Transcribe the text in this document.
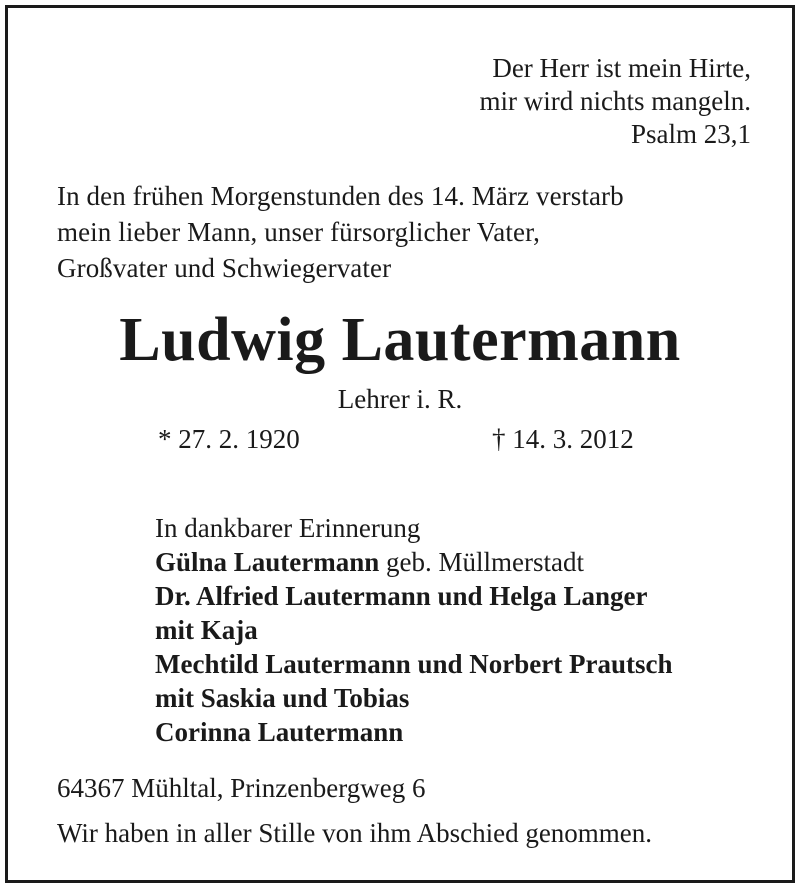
Der Herr ist mein Hirte,
mir wird nichts mangeln.
Psalm 23,1
In den frühen Morgenstunden des 14. März verstarb
mein lieber Mann, unser fürsorglicher Vater,
Großvater und Schwiegervater
Ludwig Lautermann
Lehrer i. R.
* 27. 2. 1920	† 14. 3. 2012
In dankbarer Erinnerung
Gülna Lautermann geb. Müllmerstadt
Dr. Alfried Lautermann und Helga Langer
mit Kaja
Mechtild Lautermann und Norbert Prautsch
mit Saskia und Tobias
Corinna Lautermann
64367 Mühltal, Prinzenbergweg 6
Wir haben in aller Stille von ihm Abschied genommen.
